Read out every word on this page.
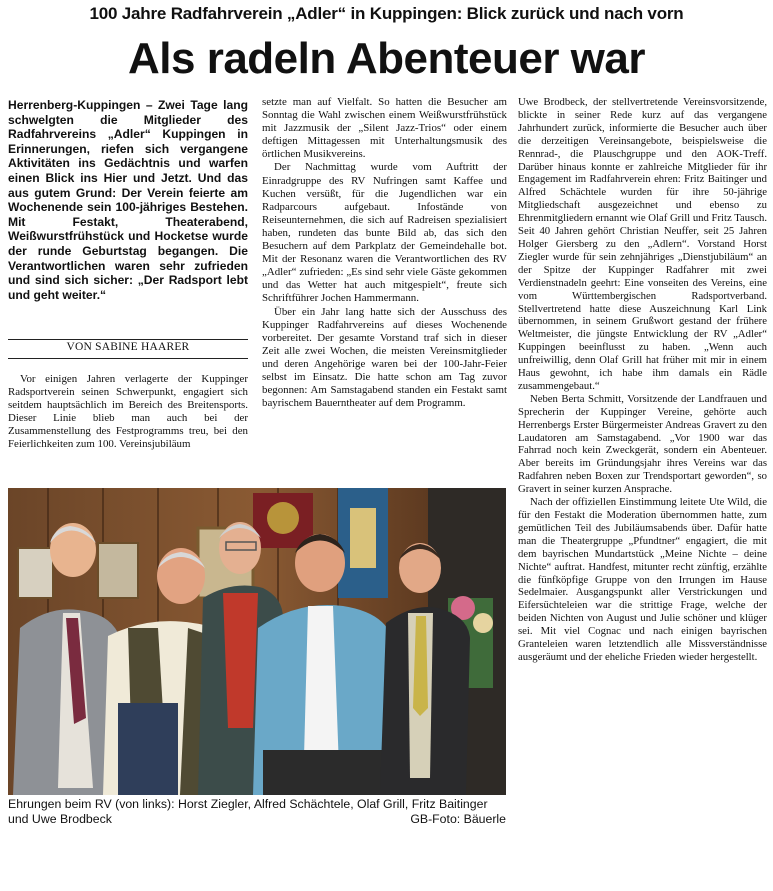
100 Jahre Radfahrverein „Adler“ in Kuppingen: Blick zurück und nach vorn
Als radeln Abenteuer war
Herrenberg-Kuppingen – Zwei Tage lang schwelgten die Mitglieder des Radfahrvereins „Adler“ Kuppingen in Erinnerungen, riefen sich vergangene Aktivitäten ins Gedächtnis und warfen einen Blick ins Hier und Jetzt. Und das aus gutem Grund: Der Verein feierte am Wochenende sein 100-jähriges Bestehen. Mit Festakt, Theaterabend, Weißwurstfrühstück und Hocketse wurde der runde Geburtstag begangen. Die Verantwortlichen waren sehr zufrieden und sind sich sicher: „Der Radsport lebt und geht weiter.“
VON SABINE HAARER

Vor einigen Jahren verlagerte der Kuppinger Radsportverein seinen Schwerpunkt, engagiert sich seitdem hauptsächlich im Bereich des Breitensports. Dieser Linie blieb man auch bei der Zusammenstellung des Festprogramms treu, bei den Feierlichkeiten zum 100. Vereinsjubiläum

setzte man auf Vielfalt. So hatten die Besucher am Sonntag die Wahl zwischen einem Weißwurstfrühstück mit Jazzmusik der „Silent Jazz-Trios“ oder einem deftigen Mittagessen mit Unterhaltungsmusik des örtlichen Musikvereins.

Der Nachmittag wurde vom Auftritt der Einradgruppe des RV Nufringen samt Kaffee und Kuchen versüßt, für die Jugendlichen war ein Radparcours aufgebaut. Infostände von Reiseunternehmen, die sich auf Radreisen spezialisiert haben, rundeten das bunte Bild ab, das sich den Besuchern auf dem Parkplatz der Gemeindehalle bot. Mit der Resonanz waren die Verantwortlichen des RV „Adler“ zufrieden: „Es sind sehr viele Gäste gekommen und das Wetter hat auch mitgespielt“, freute sich Schriftführer Jochen Hammermann.

Über ein Jahr lang hatte sich der Ausschuss des Kuppinger Radfahrvereins auf dieses Wochenende vorbereitet. Der gesamte Vorstand traf sich in dieser Zeit alle zwei Wochen, die meisten Vereinsmitglieder und deren Angehörige waren bei der 100-Jahr-Feier selbst im Einsatz. Die hatte schon am Tag zuvor begonnen: Am Samstagabend standen ein Festakt samt bayrischem Bauerntheater auf dem Programm.

Uwe Brodbeck, der stellvertretende Vereinsvorsitzende, blickte in seiner Rede kurz auf das vergangene Jahrhundert zurück, informierte die Besucher auch über die derzeitigen Vereinsangebote, beispielsweise die Rennrad-, die Plauschgruppe und den AOK-Treff. Darüber hinaus konnte er zahlreiche Mitglieder für ihr Engagement im Radfahrverein ehren: Fritz Baitinger und Alfred Schächtele wurden für ihre 50-jährige Mitgliedschaft ausgezeichnet und ebenso zu Ehrenmitgliedern ernannt wie Olaf Grill und Fritz Tausch. Seit 40 Jahren gehört Christian Neuffer, seit 25 Jahren Holger Giersberg zu den „Adlern“. Vorstand Horst Ziegler wurde für sein zehnjähriges „Dienstjubiläum“ an der Spitze der Kuppinger Radfahrer mit zwei Verdienstnadeln geehrt: Eine vonseiten des Vereins, eine vom Württembergischen Radsportverband. Stellvertretend hatte diese Auszeichnung Karl Link übernommen, in seinem Grußwort gestand der frühere Weltmeister, die jüngste Entwicklung der RV „Adler“ Kuppingen beeinflusst zu haben. „Wenn auch unfreiwillig, denn Olaf Grill hat früher mit mir in einem Haus gewohnt, ich habe ihm damals ein Rädle zusammengebaut.“

Neben Berta Schmitt, Vorsitzende der Landfrauen und Sprecherin der Kuppinger Vereine, gehörte auch Herrenbergs Erster Bürgermeister Andreas Gravert zu den Laudatoren am Samstagabend. „Vor 1900 war das Fahrrad noch kein Zweckgerät, sondern ein Abenteuer. Aber bereits im Gründungsjahr ihres Vereins war das Radfahren neben Boxen zur Trendsportart geworden“, so Gravert in seiner kurzen Ansprache.

Nach der offiziellen Einstimmung leitete Ute Wild, die für den Festakt die Moderation übernommen hatte, zum gemütlichen Teil des Jubiläumsabends über. Dafür hatte man die Theatergruppe „Pfundtner“ engagiert, die mit dem bayrischen Mundartstück „Meine Nichte – deine Nichte“ auftrat. Handfest, mitunter recht zünftig, erzählte die fünfköpfige Gruppe von den Irrungen im Hause Sedelmaier. Ausgangspunkt aller Verstrickungen und Eifersüchteleien war die strittige Frage, welche der beiden Nichten von August und Julie schöner und klüger sei. Mit viel Cognac und nach einigen bayrischen Granteleien waren letztendlich alle Missverständnisse ausgeräumt und der eheliche Frieden wieder hergestellt.

Ehrungen beim RV (von links): Horst Ziegler, Alfred Schächtele, Olaf Grill, Fritz Baitinger und Uwe Brodbeck	GB-Foto: Bäuerle
